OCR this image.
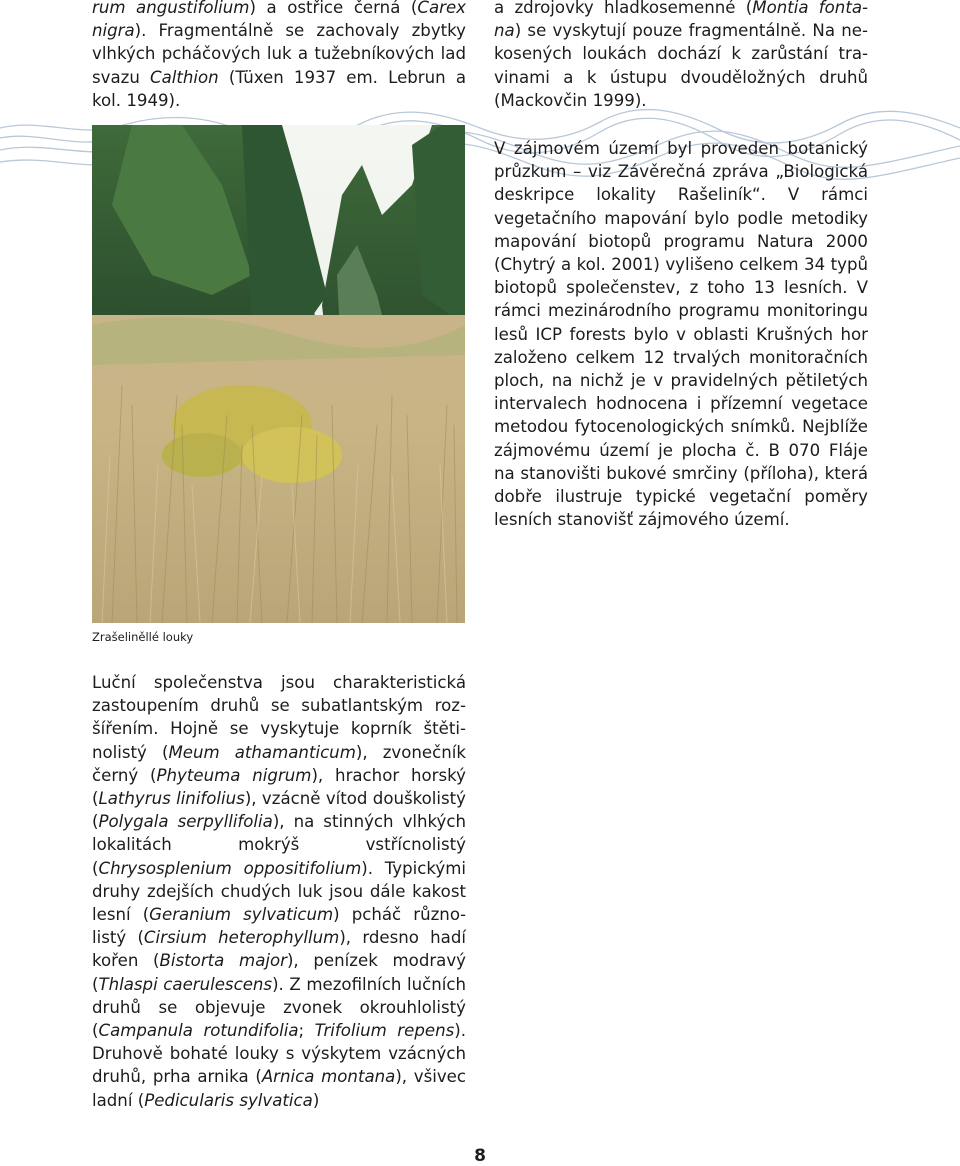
rum angustifolium) a ostřice černá (Carex nigra). Fragmentálně se zachovaly zbytky vlhkých pcháčových luk a tužebníkových lad svazu Calthion (Tüxen 1937 em. Lebrun a kol. 1949).

a zdrojovky hladkosemenné (Montia fontana) se vyskytují pouze fragmentálně. Na nekosených loukách dochází k zarůstání travinami a k ústupu dvouděložných druhů (Mackovčin 1999).

V zájmovém území byl proveden botanický průzkum – viz Závěrečná zpráva „Biologická deskripce lokality Rašeliník“. V rámci vegetačního mapování bylo podle metodiky mapování biotopů programu Natura 2000 (Chytrý a kol. 2001) vylišeno celkem 34 typů biotopů společenstev, z toho 13 lesních. V rámci mezinárodního programu monitoringu lesů ICP forests bylo v oblasti Krušných hor založeno celkem 12 trvalých monitoračních ploch, na nichž je v pravidelných pětiletých intervalech hodnocena i přízemní vegetace metodou fytocenologických snímků. Nejblíže zájmovému území je plocha č. B 070 Fláje na stanovišti bukové smrčiny (příloha), která dobře ilustruje typické vegetační poměry lesních stanovišť zájmového území.

Zrašeliněllé louky

Luční společenstva jsou charakteristická zastoupením druhů se subatlantským rozšířením. Hojně se vyskytuje koprník štětinolistý (Meum athamanticum), zvonečník černý (Phyteuma nigrum), hrachor horský (Lathyrus linifolius), vzácně vítod douškolistý (Polygala serpyllifolia), na stinných vlhkých lokalitách mokrýš vstřícnolistý (Chrysosplenium oppositifolium). Typickými druhy zdejších chudých luk jsou dále kakost lesní (Geranium sylvaticum) pcháč různolistý (Cirsium heterophyllum), rdesno hadí kořen (Bistorta major), penízek modravý (Thlaspi caerulescens). Z mezofilních lučních druhů se objevuje zvonek okrouhlolistý (Campanula rotundifolia; Trifolium repens). Druhově bohaté louky s výskytem vzácných druhů, prha arnika (Arnica montana), všivec ladní (Pedicularis sylvatica)

8
